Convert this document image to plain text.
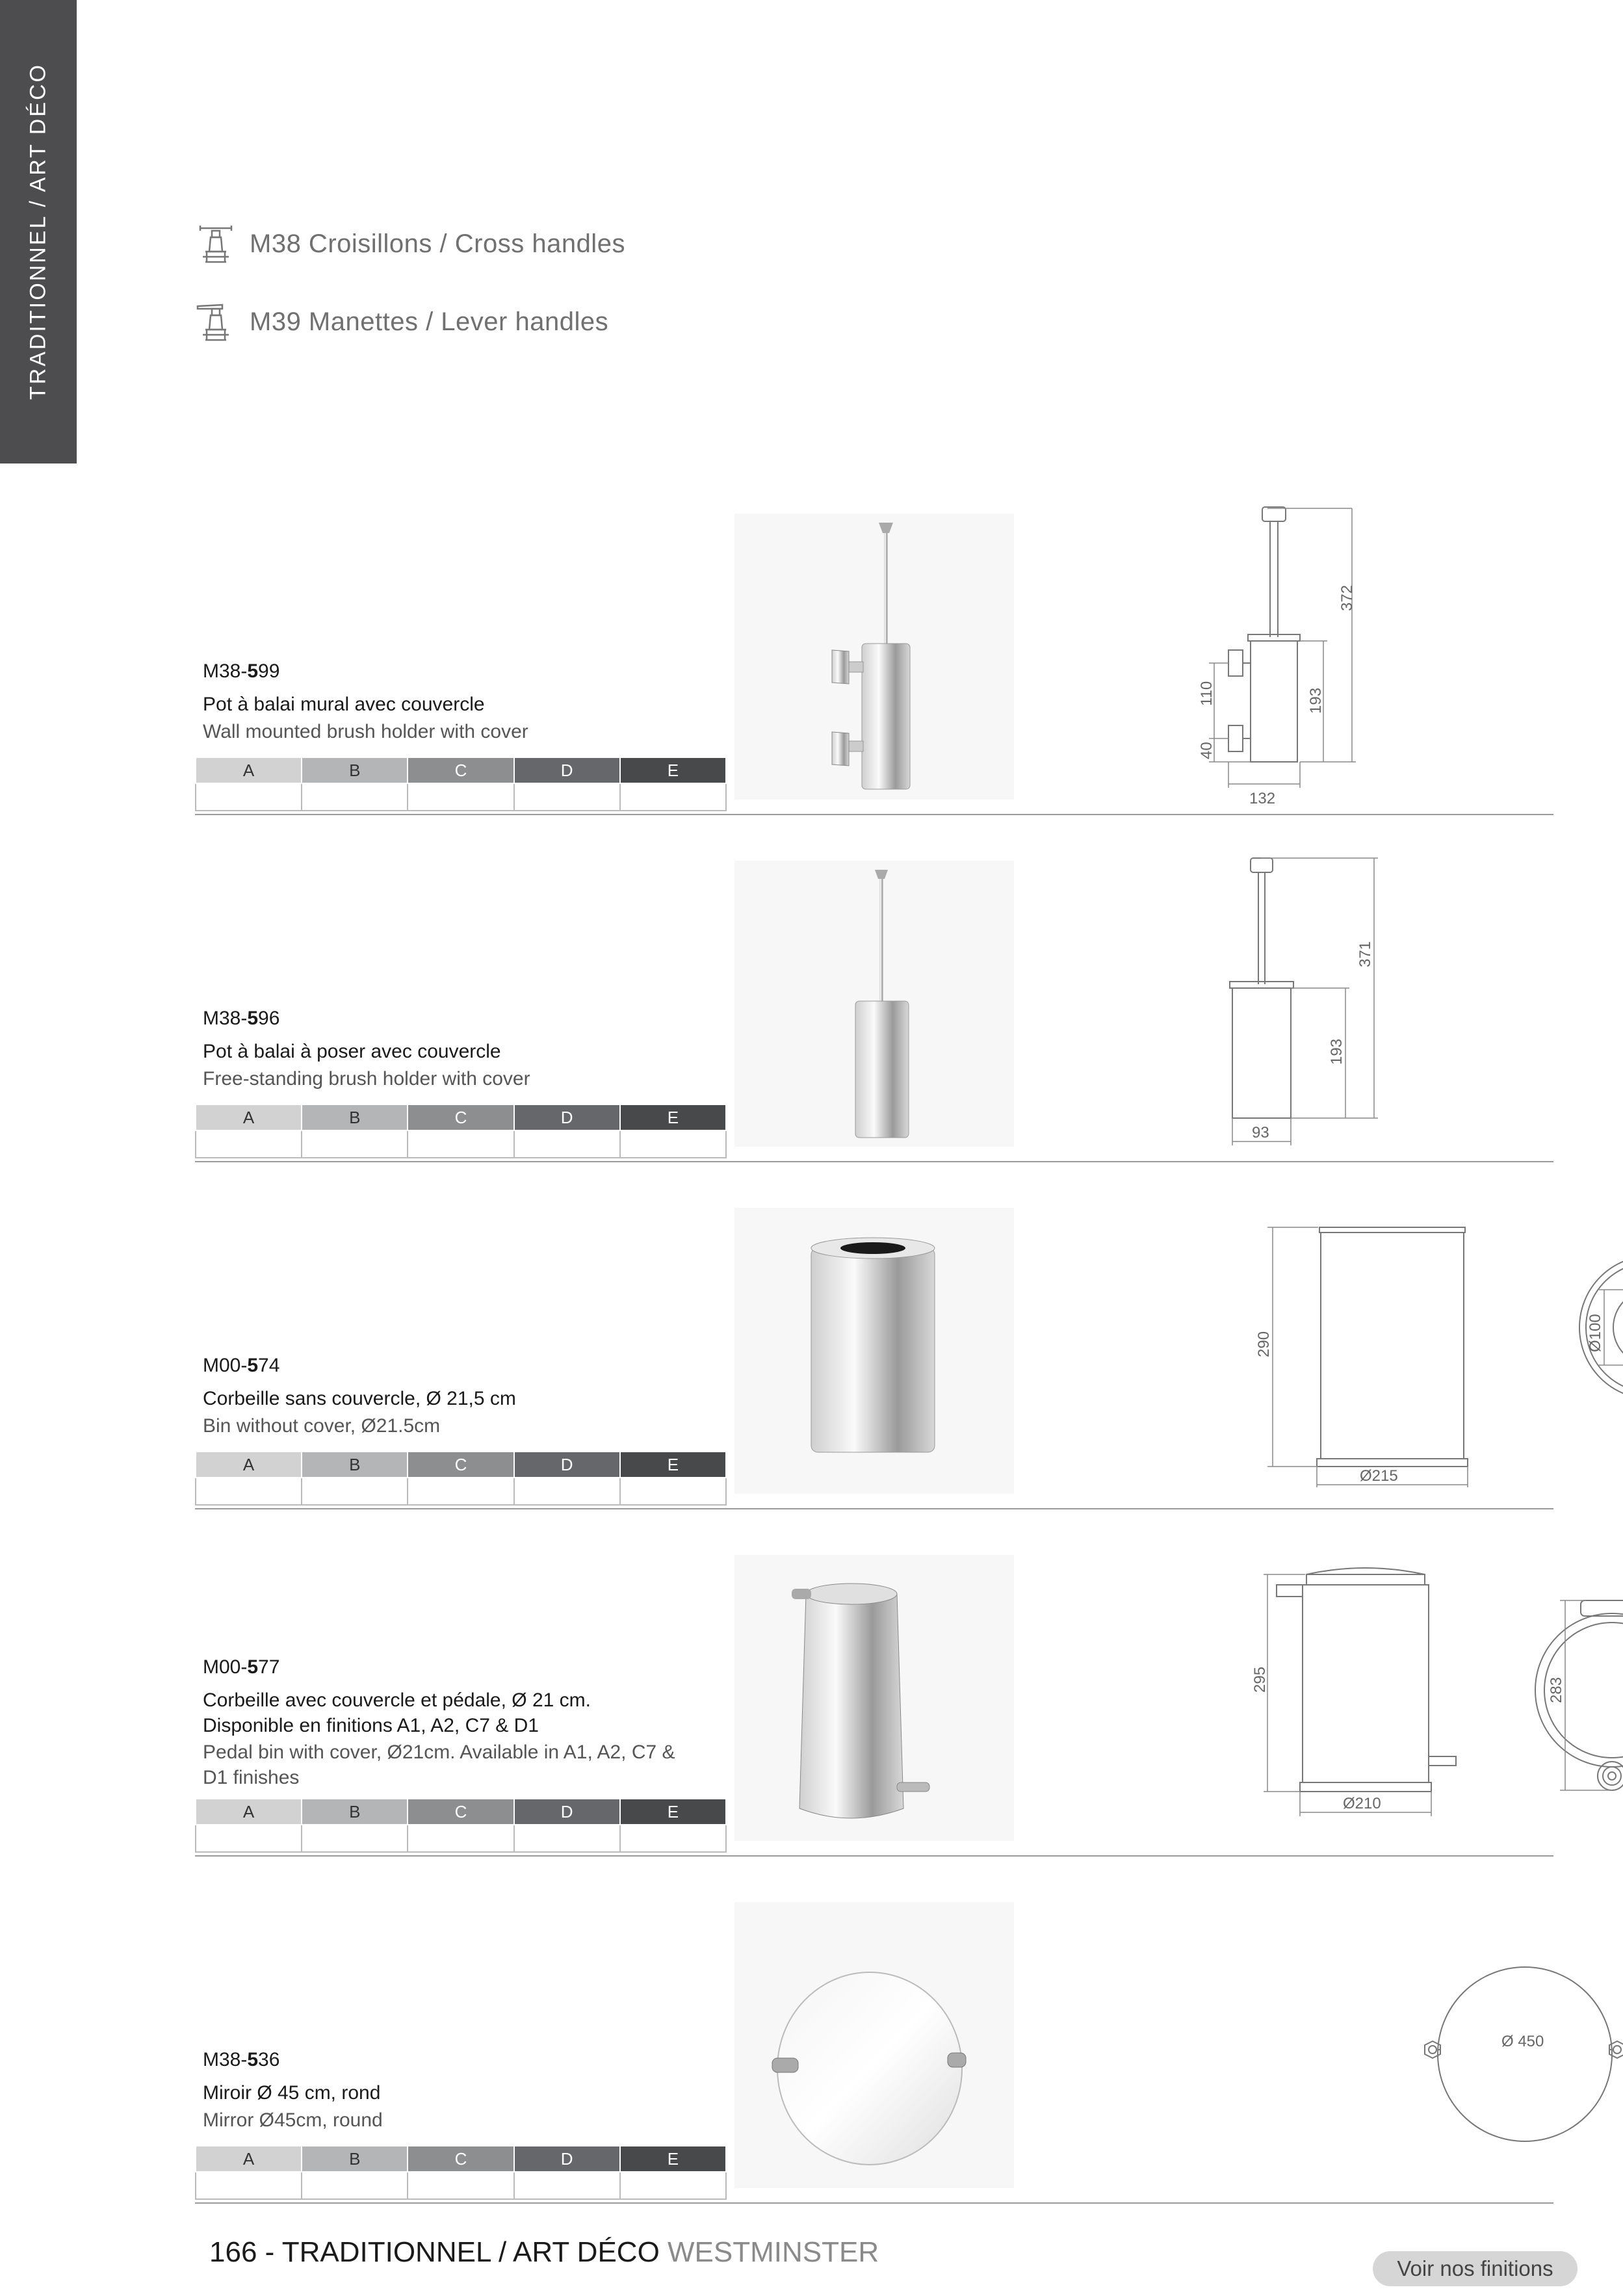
TRADITIONNEL / ART DÉCO	M38 Croisillons / Cross handles
M39 Manettes / Lever handles
M38-599
Pot à balai mural avec couvercle
Wall mounted brush holder with cover
A	B	C	D	E

372
193
110
40
132
M38-596
Pot à balai à poser avec couvercle
Free-standing brush holder with cover
A	B	C	D	E

371
193
93
M00-574
Corbeille sans couvercle, Ø 21,5 cm
Bin without cover, Ø21.5cm
A	B	C	D	E

290
Ø215
Ø100
M00-577
Corbeille avec couvercle et pédale, Ø 21 cm.
Disponible en finitions A1, A2, C7 & D1
Pedal bin with cover, Ø21cm. Available in A1, A2, C7 &
D1 finishes
A	B	C	D	E

295
Ø210
283
M38-536
Miroir Ø 45 cm, rond
Mirror Ø45cm, round
A	B	C	D	E

Ø 450
166 - TRADITIONNEL / ART DÉCO WESTMINSTER
Voir nos finitions
